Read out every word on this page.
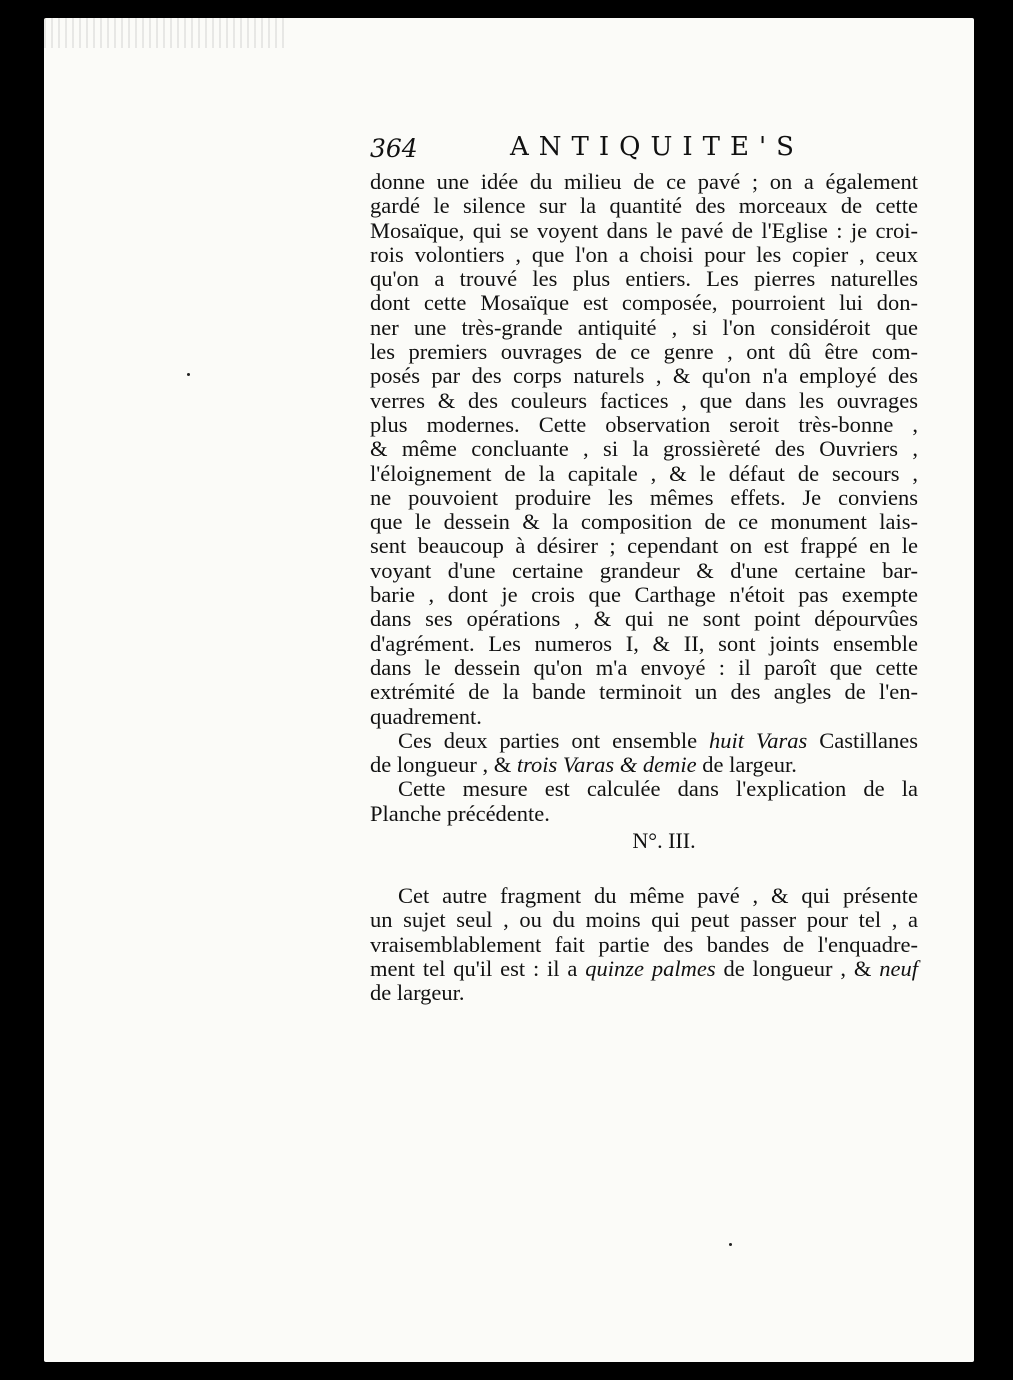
364	ANTIQUITE'S
donne une idée du milieu de ce pavé ; on a également
gardé le silence sur la quantité des morceaux de cette
Mosaïque, qui se voyent dans le pavé de l'Eglise : je croi-
rois volontiers , que l'on a choisi pour les copier , ceux
qu'on a trouvé les plus entiers. Les pierres naturelles
dont cette Mosaïque est composée, pourroient lui don-
ner une très-grande antiquité , si l'on considéroit que
les premiers ouvrages de ce genre , ont dû être com-
posés par des corps naturels , & qu'on n'a employé des
verres & des couleurs factices , que dans les ouvrages
plus modernes. Cette observation seroit très-bonne ,
& même concluante , si la grossièreté des Ouvriers ,
l'éloignement de la capitale , & le défaut de secours ,
ne pouvoient produire les mêmes effets. Je conviens
que le dessein & la composition de ce monument lais-
sent beaucoup à désirer ; cependant on est frappé en le
voyant d'une certaine grandeur & d'une certaine bar-
barie , dont je crois que Carthage n'étoit pas exempte
dans ses opérations , & qui ne sont point dépourvûes
d'agrément. Les numeros I, & II, sont joints ensemble
dans le dessein qu'on m'a envoyé : il paroît que cette
extrémité de la bande terminoit un des angles de l'en-
quadrement.
Ces deux parties ont ensemble huit Varas Castillanes
de longueur , & trois Varas & demie de largeur.
Cette mesure est calculée dans l'explication de la
Planche précédente.
N°. III.
Cet autre fragment du même pavé , & qui présente
un sujet seul , ou du moins qui peut passer pour tel , a
vraisemblablement fait partie des bandes de l'enquadre-
ment tel qu'il est : il a quinze palmes de longueur , & neuf
de largeur.
